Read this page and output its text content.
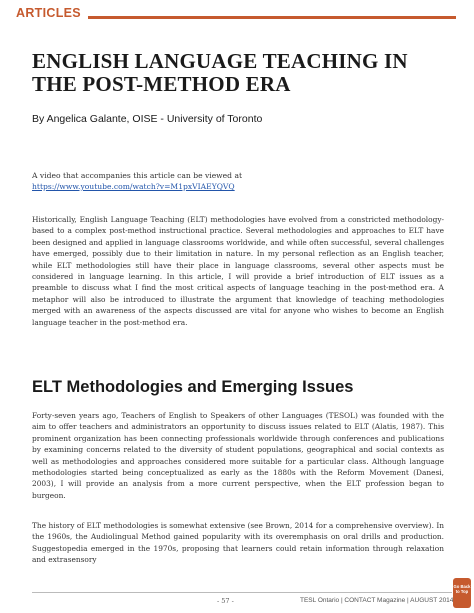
ARTICLES
ENGLISH LANGUAGE TEACHING IN THE POST-METHOD ERA
By Angelica Galante, OISE - University of Toronto
A video that accompanies this article can be viewed at
https://www.youtube.com/watch?v=M1pxVIAEYQVQ

Historically, English Language Teaching (ELT) methodologies have evolved from a constricted methodology-based to a complex post-method instructional practice. Several methodologies and approaches to ELT have been designed and applied in language classrooms worldwide, and while often successful, several challenges have emerged, possibly due to their limitation in nature. In my personal reflection as an English teacher, while ELT methodologies still have their place in language classrooms, several other aspects must be considered in language learning. In this article, I will provide a brief introduction of ELT issues as a preamble to discuss what I find the most critical aspects of language teaching in the post-method era. A metaphor will also be introduced to illustrate the argument that knowledge of teaching methodologies merged with an awareness of the aspects discussed are vital for anyone who wishes to become an English language teacher in the post-method era.

ELT Methodologies and Emerging Issues

Forty-seven years ago, Teachers of English to Speakers of other Languages (TESOL) was founded with the aim to offer teachers and administrators an opportunity to discuss issues related to ELT (Alatis, 1987). This prominent organization has been connecting professionals worldwide through conferences and publications by examining concerns related to the diversity of student populations, geographical and social contexts as well as methodologies and approaches considered more suitable for a particular class. Although language methodologies started being conceptualized as early as the 1880s with the Reform Movement (Danesi, 2003), I will provide an analysis from a more current perspective, when the ELT profession began to burgeon.

The history of ELT methodologies is somewhat extensive (see Brown, 2014 for a comprehensive overview). In the 1960s, the Audiolingual Method gained popularity with its overemphasis on oral drills and production. Suggestopedia emerged in the 1970s, proposing that learners could retain information through relaxation and extrasensory

- 57 -	TESL Ontario | CONTACT Magazine | AUGUST 2014
Go Back to Top
